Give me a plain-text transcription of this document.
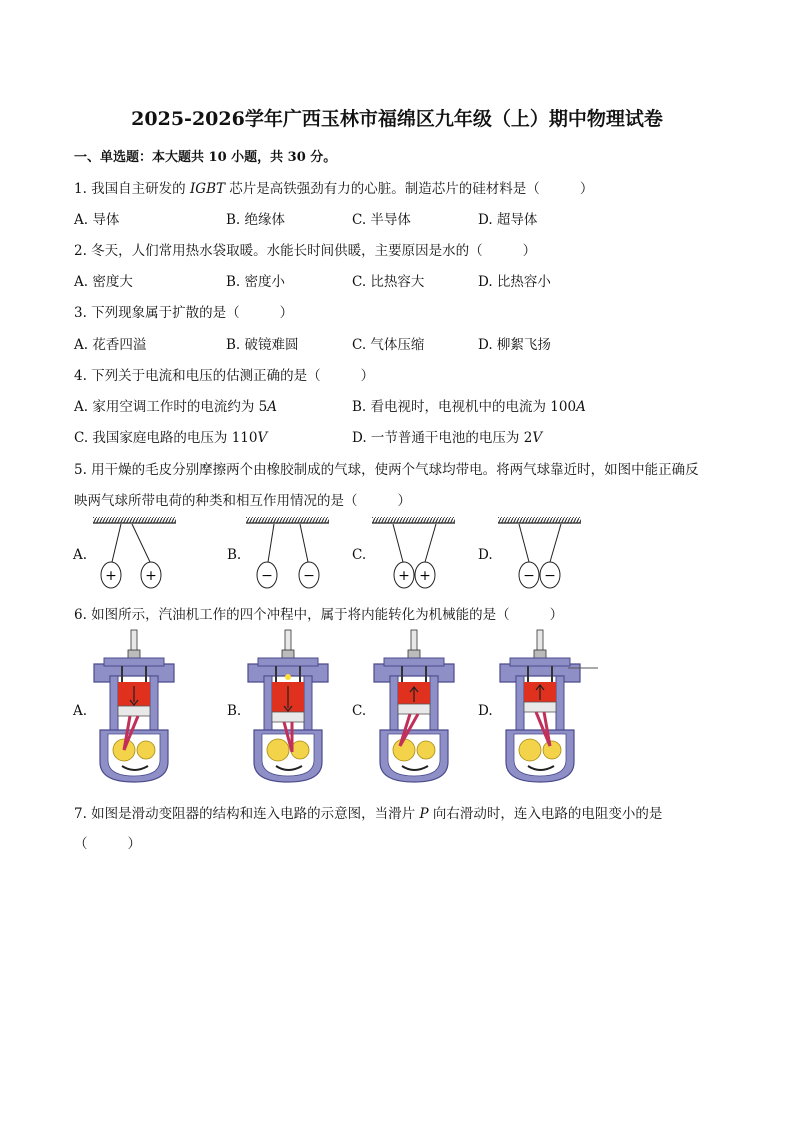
2025-2026学年广西玉林市福绵区九年级（上）期中物理试卷
一、单选题：本大题共 10 小题，共 30 分。
1. 我国自主研发的 IGBT 芯片是高铁强劲有力的心脏。制造芯片的硅材料是（	）
A. 导体	B. 绝缘体	C. 半导体	D. 超导体
2. 冬天，人们常用热水袋取暖。水能长时间供暖，主要原因是水的（	）
A. 密度大	B. 密度小	C. 比热容大	D. 比热容小
3. 下列现象属于扩散的是（	）
A. 花香四溢	B. 破镜难圆	C. 气体压缩	D. 柳絮飞扬
4. 下列关于电流和电压的估测正确的是（	）
A. 家用空调工作时的电流约为 5A	B. 看电视时，电视机中的电流为 100A
C. 我国家庭电路的电压为 110V	D. 一节普通干电池的电压为 2V
5. 用干燥的毛皮分别摩擦两个由橡胶制成的气球，使两个气球均带电。将两气球靠近时，如图中能正确反
映两气球所带电荷的种类和相互作用情况的是（	）
A.	B.	C.	D.
+ +	− −	+ +	− −
6. 如图所示，汽油机工作的四个冲程中，属于将内能转化为机械能的是（	）
A.	B.	C.	D.
7. 如图是滑动变阻器的结构和连入电路的示意图，当滑片 P 向右滑动时，连入电路的电阻变小的是
（	）
